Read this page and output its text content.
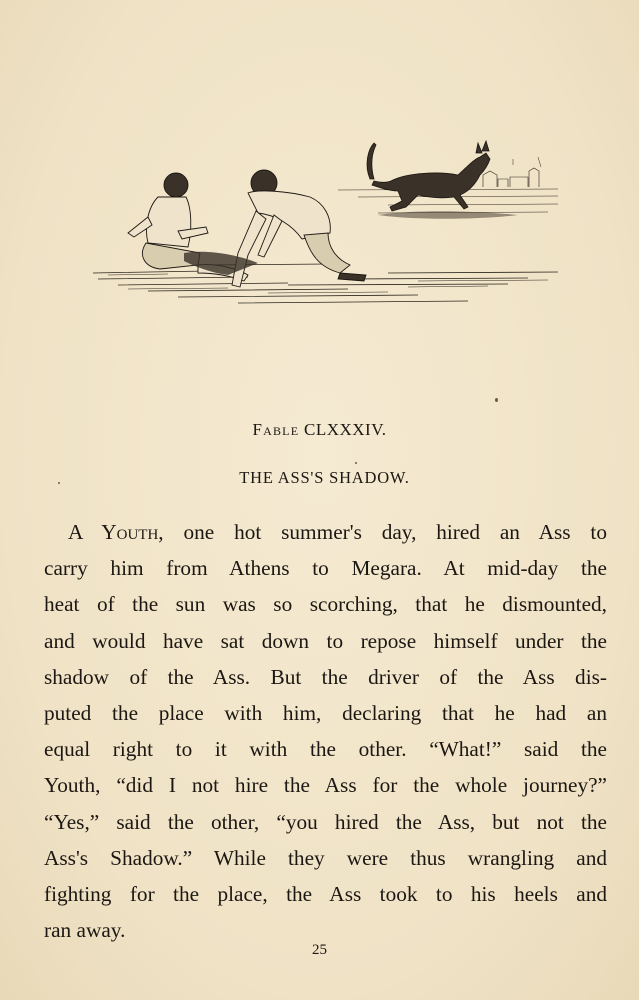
Fable CLXXXIV.
THE ASS'S SHADOW.
A Youth, one hot summer's day, hired an Ass to
carry him from Athens to Megara. At mid-day the
heat of the sun was so scorching, that he dismounted,
and would have sat down to repose himself under the
shadow of the Ass. But the driver of the Ass dis-
puted the place with him, declaring that he had an
equal right to it with the other. “What!” said the
Youth, “did I not hire the Ass for the whole journey?”
“Yes,” said the other, “you hired the Ass, but not the
Ass's Shadow.” While they were thus wrangling and
fighting for the place, the Ass took to his heels and
ran away.
25
